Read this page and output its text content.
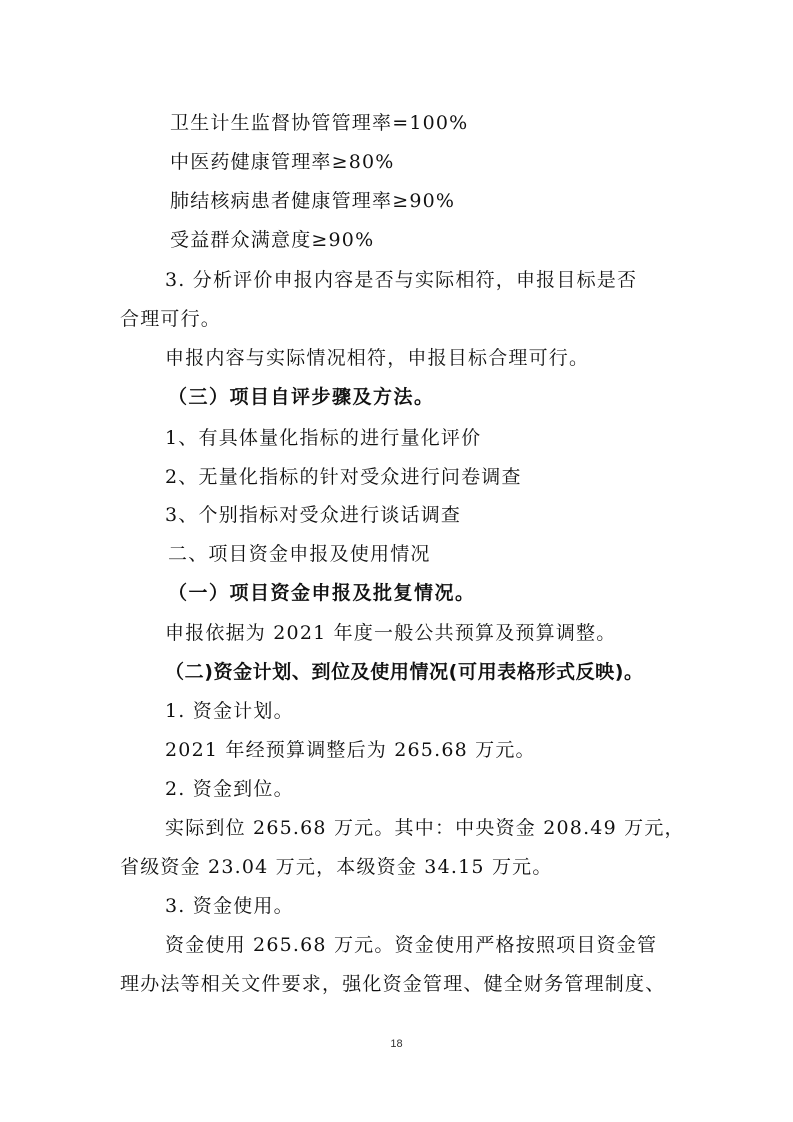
卫生计生监督协管管理率=100%
中医药健康管理率≥80%
肺结核病患者健康管理率≥90%
受益群众满意度≥90%
3. 分析评价申报内容是否与实际相符，申报目标是否
合理可行。
申报内容与实际情况相符，申报目标合理可行。
（三）项目自评步骤及方法。
1、有具体量化指标的进行量化评价
2、无量化指标的针对受众进行问卷调查
3、个别指标对受众进行谈话调查
二、项目资金申报及使用情况
（一）项目资金申报及批复情况。
申报依据为 2021 年度一般公共预算及预算调整。
（二)资金计划、到位及使用情况(可用表格形式反映)。
1. 资金计划。
2021 年经预算调整后为 265.68 万元。
2. 资金到位。
实际到位 265.68 万元。其中：中央资金 208.49 万元，
省级资金 23.04 万元，本级资金 34.15 万元。
3. 资金使用。
资金使用 265.68 万元。资金使用严格按照项目资金管
理办法等相关文件要求，强化资金管理、健全财务管理制度、
18
